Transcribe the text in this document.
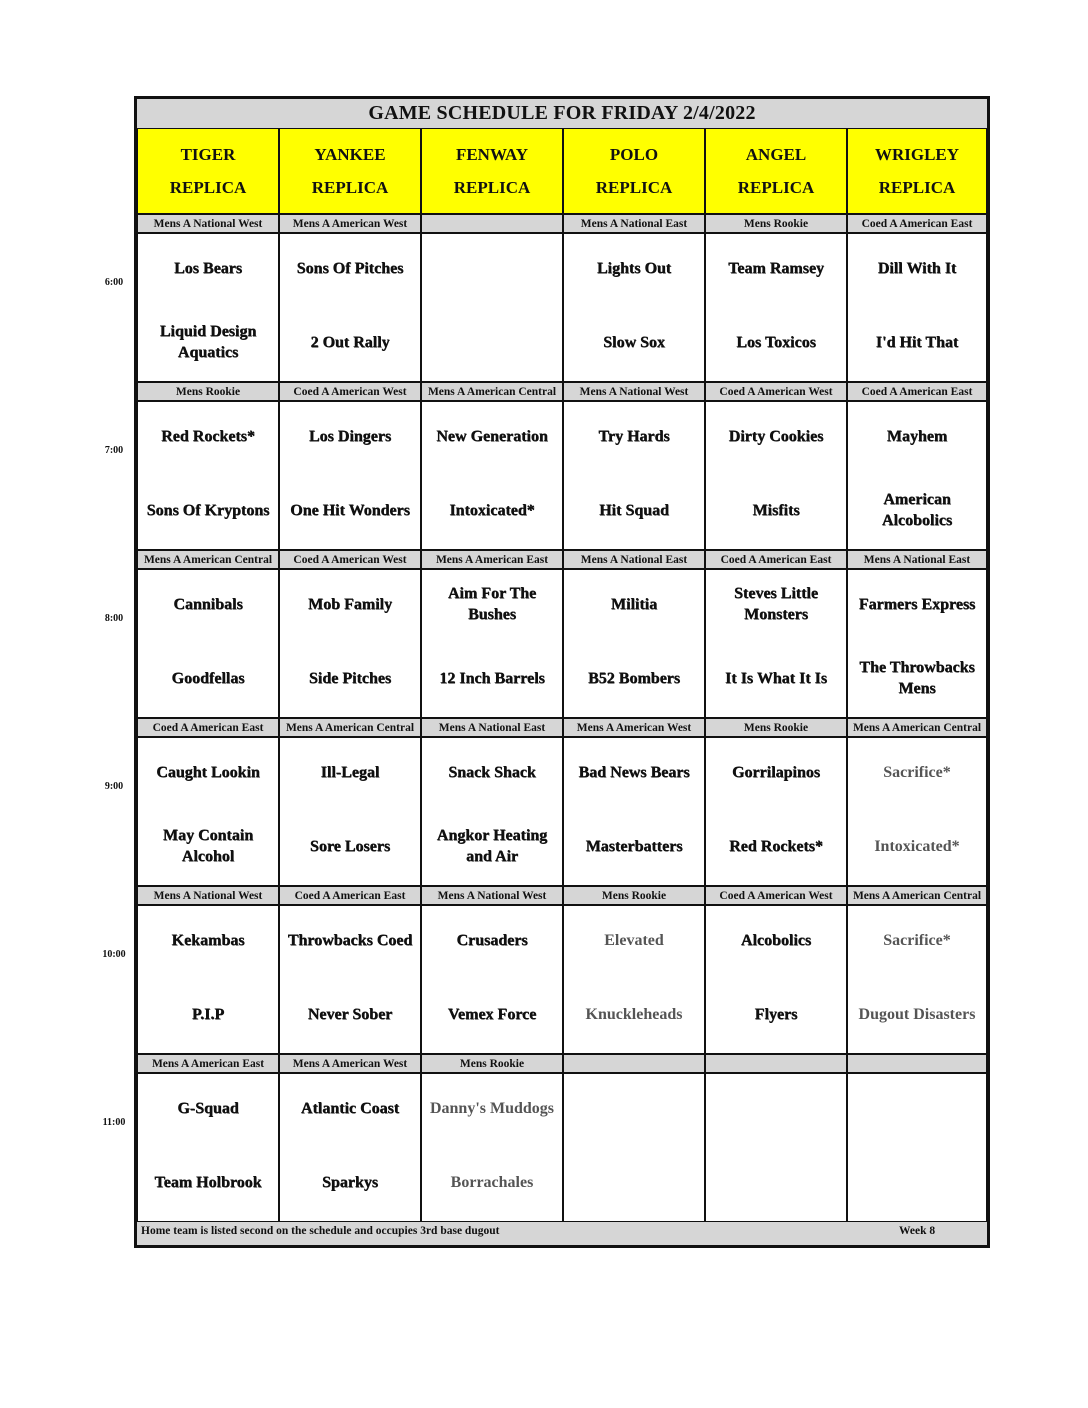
GAME SCHEDULE FOR FRIDAY 2/4/2022
Home team is listed second on the schedule and occupies 3rd base dugout	Week 8
TIGER
REPLICA
YANKEE
REPLICA
FENWAY
REPLICA
POLO
REPLICA
ANGEL
REPLICA
WRIGLEY
REPLICA
Mens A National West
Los Bears
Liquid Design Aquatics
Mens A American West
Sons Of Pitches
2 Out Rally
Mens A National East
Lights Out
Slow Sox
Mens Rookie
Team Ramsey
Los Toxicos
Coed A American East
Dill With It
I'd Hit That
Mens Rookie
Red Rockets*
Sons Of Kryptons
Coed A American West
Los Dingers
One Hit Wonders
Mens A American Central
New Generation
Intoxicated*
Mens A National West
Try Hards
Hit Squad
Coed A American West
Dirty Cookies
Misfits
Coed A American East
Mayhem
American Alcobolics
Mens A American Central
Cannibals
Goodfellas
Coed A American West
Mob Family
Side Pitches
Mens A American East
Aim For The Bushes
12 Inch Barrels
Mens A National East
Militia
B52 Bombers
Coed A American East
Steves Little Monsters
It Is What It Is
Mens A National East
Farmers Express
The Throwbacks Mens
Coed A American East
Caught Lookin
May Contain Alcohol
Mens A American Central
Ill-Legal
Sore Losers
Mens A National East
Snack Shack
Angkor Heating and Air
Mens A American West
Bad News Bears
Masterbatters
Mens Rookie
Gorrilapinos
Red Rockets*
Mens A American Central
Sacrifice*
Intoxicated*
Mens A National West
Kekambas
P.I.P
Coed A American East
Throwbacks Coed
Never Sober
Mens A National West
Crusaders
Vemex Force
Mens Rookie
Elevated
Knuckleheads
Coed A American West
Alcobolics
Flyers
Mens A American Central
Sacrifice*
Dugout Disasters
Mens A American East
G-Squad
Team Holbrook
Mens A American West
Atlantic Coast
Sparkys
Mens Rookie
Danny's Muddogs
Borrachales
6:00
7:00
8:00
9:00
10:00
11:00
